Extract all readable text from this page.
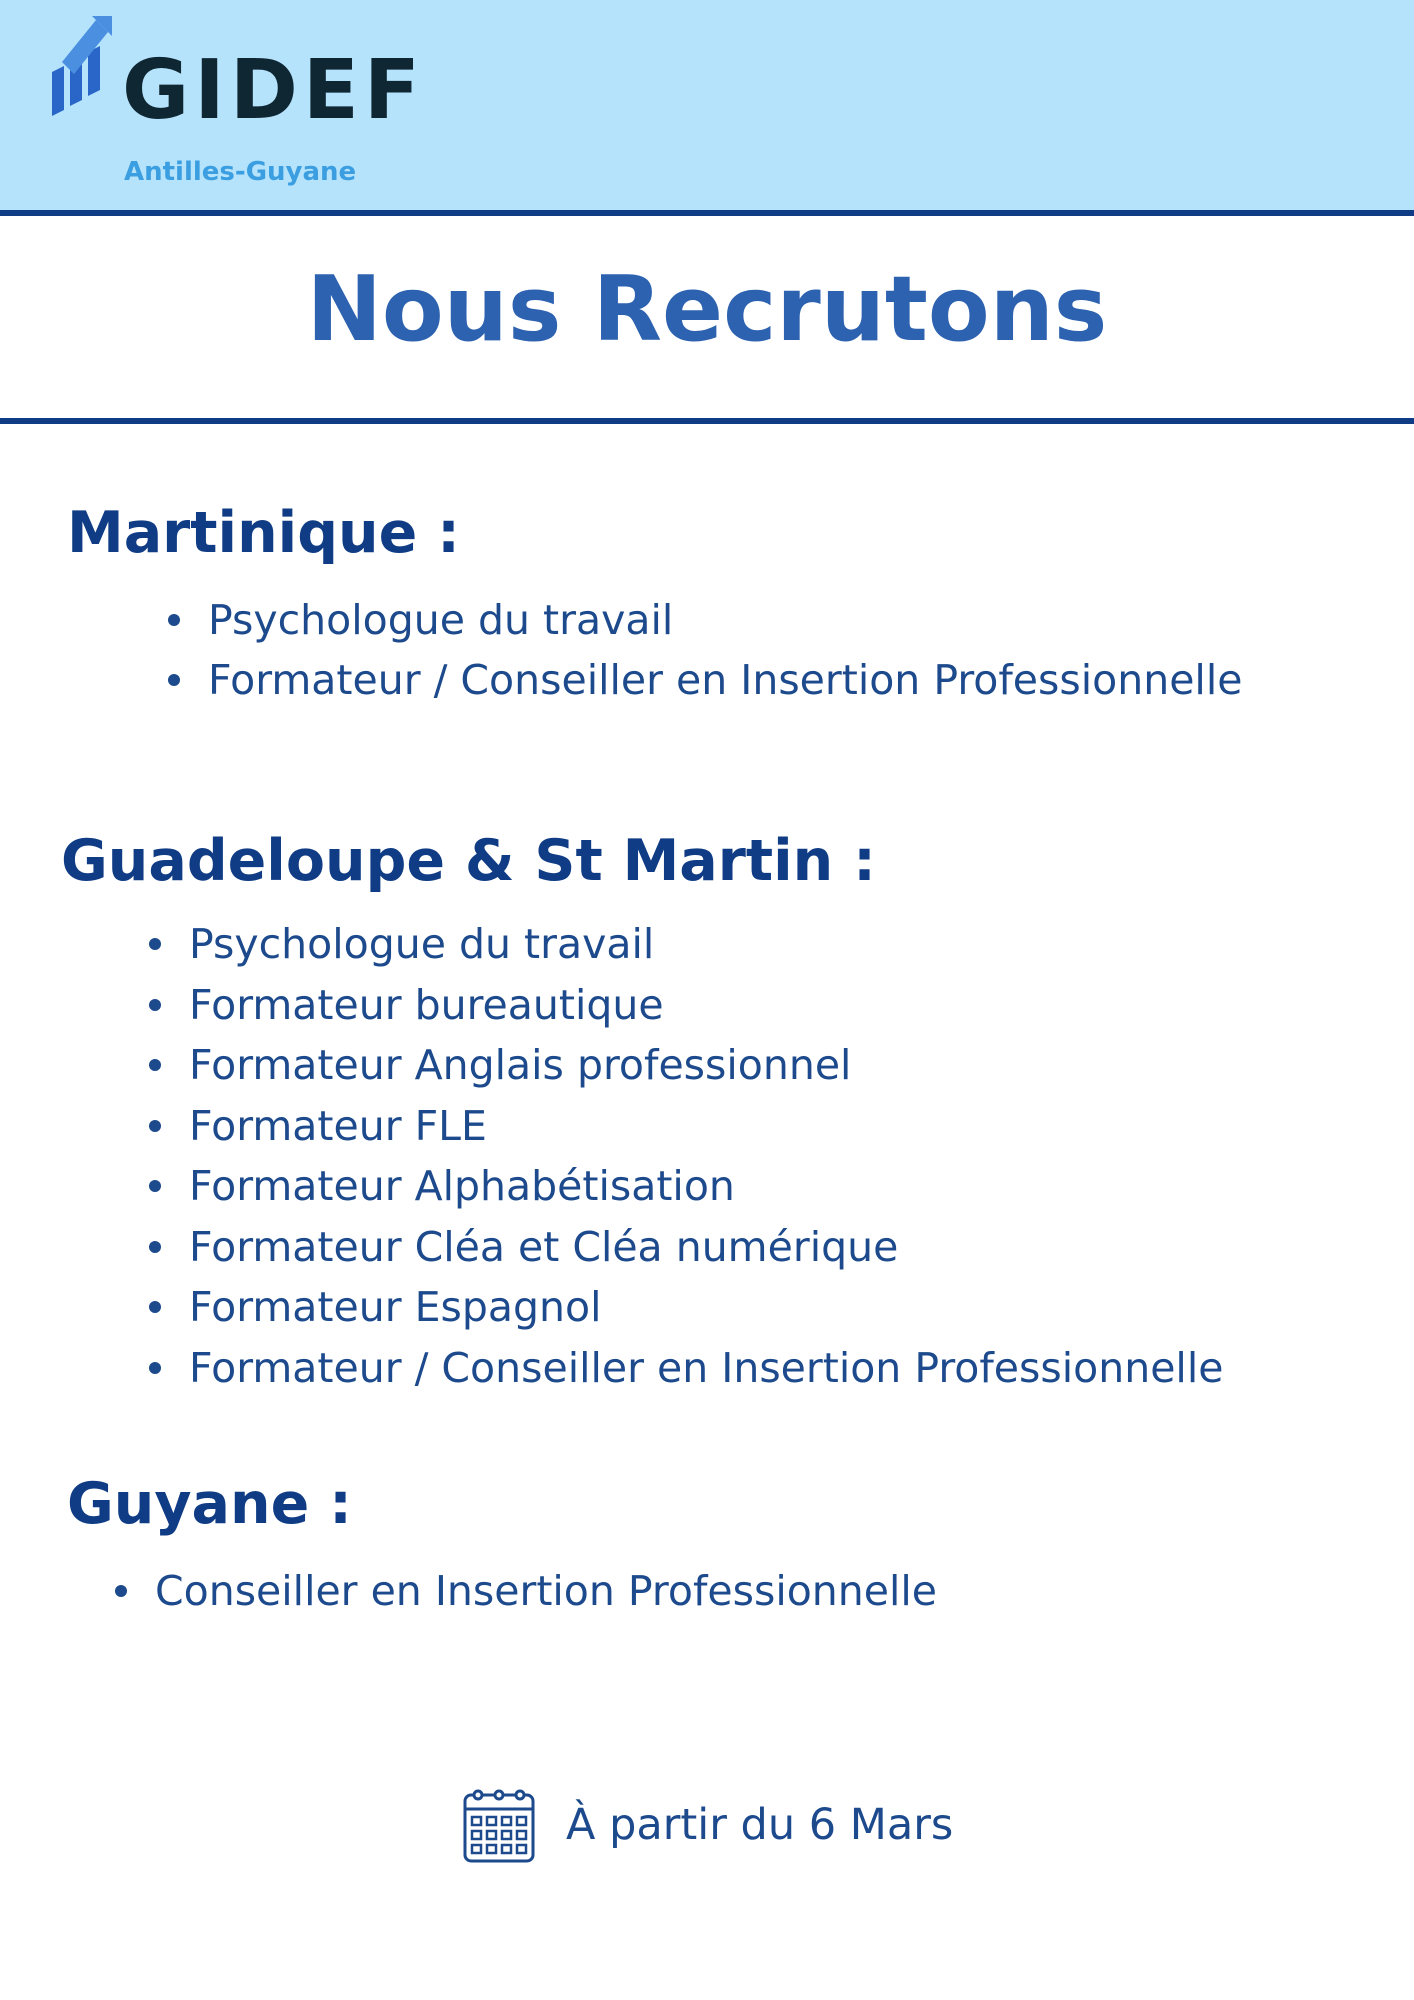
GIDEF
Antilles-Guyane
Nous Recrutons
Martinique :
Psychologue du travail
Formateur / Conseiller en Insertion Professionnelle
Guadeloupe & St Martin :
Psychologue du travail
Formateur bureautique
Formateur Anglais professionnel
Formateur FLE
Formateur Alphabétisation
Formateur Cléa et Cléa numérique
Formateur Espagnol
Formateur / Conseiller en Insertion Professionnelle
Guyane :
Conseiller en Insertion Professionnelle
À partir du 6 Mars
